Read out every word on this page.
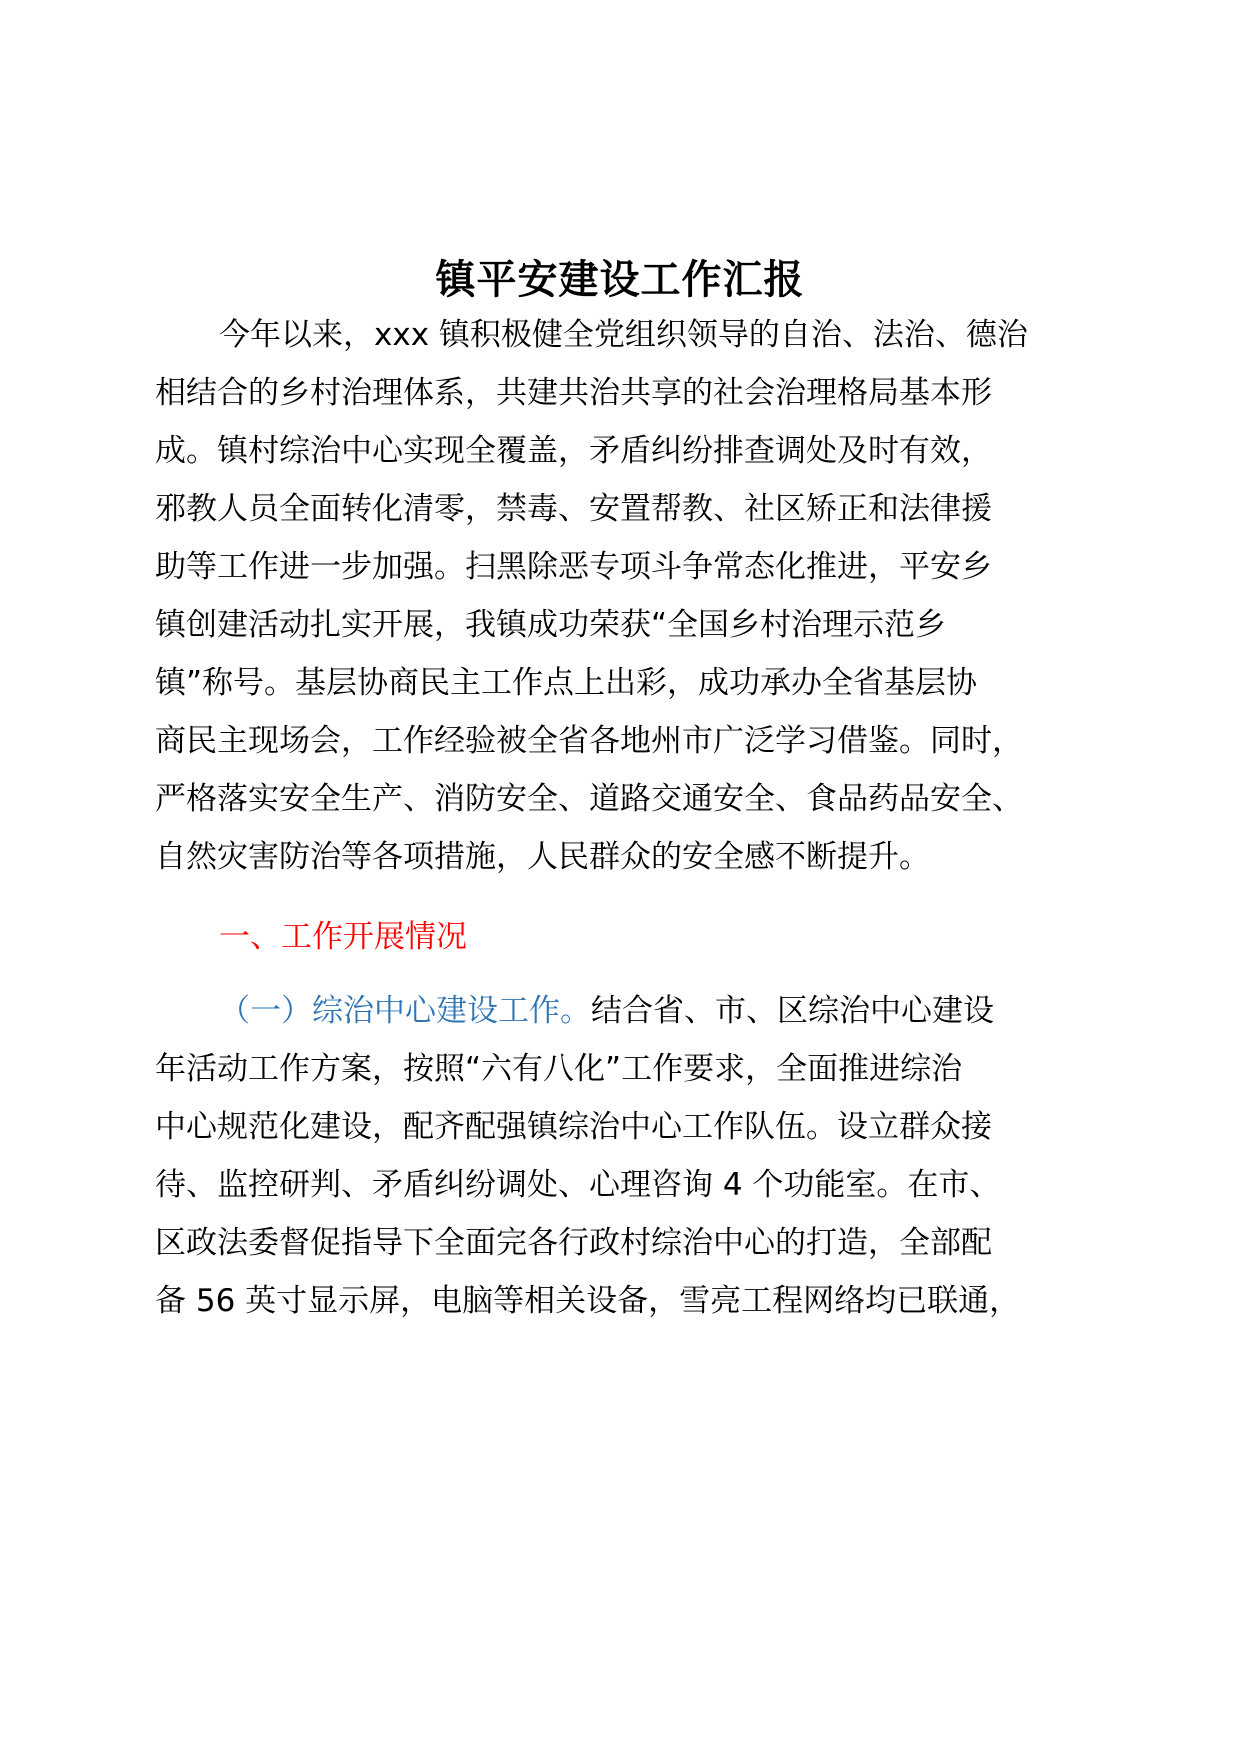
镇平安建设工作汇报
今年以来，xxx 镇积极健全党组织领导的自治、法治、德治
相结合的乡村治理体系，共建共治共享的社会治理格局基本形
成。镇村综治中心实现全覆盖，矛盾纠纷排查调处及时有效，
邪教人员全面转化清零，禁毒、安置帮教、社区矫正和法律援
助等工作进一步加强。扫黑除恶专项斗争常态化推进，平安乡
镇创建活动扎实开展，我镇成功荣获“全国乡村治理示范乡
镇”称号。基层协商民主工作点上出彩，成功承办全省基层协
商民主现场会，工作经验被全省各地州市广泛学习借鉴。同时，
严格落实安全生产、消防安全、道路交通安全、食品药品安全、
自然灾害防治等各项措施，人民群众的安全感不断提升。
一、工作开展情况
（一）综治中心建设工作。结合省、市、区综治中心建设
年活动工作方案，按照“六有八化”工作要求，全面推进综治
中心规范化建设，配齐配强镇综治中心工作队伍。设立群众接
待、监控研判、矛盾纠纷调处、心理咨询 4 个功能室。在市、
区政法委督促指导下全面完各行政村综治中心的打造，全部配
备 56 英寸显示屏，电脑等相关设备，雪亮工程网络均已联通，
